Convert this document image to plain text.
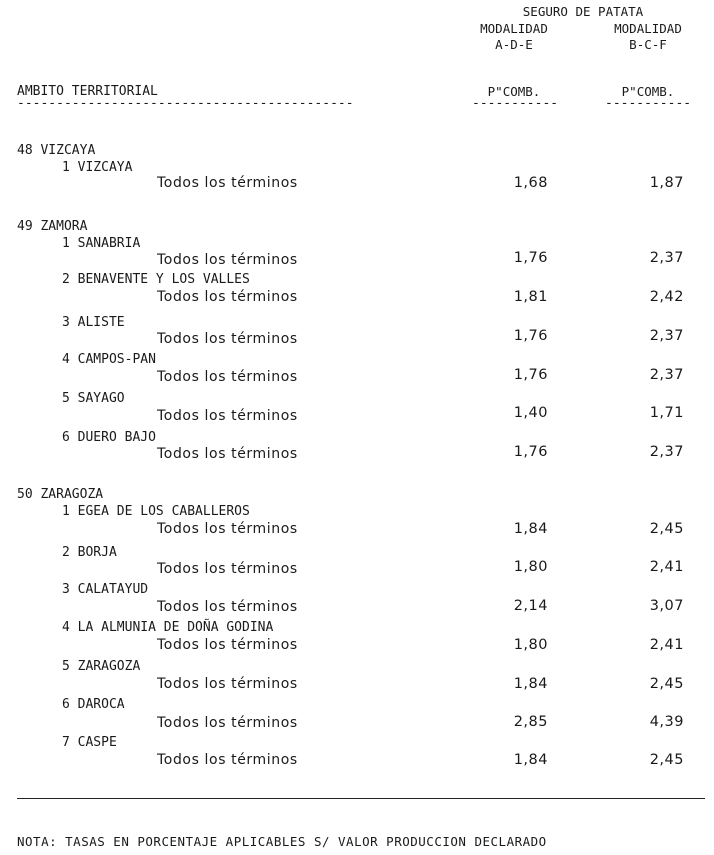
SEGURO DE PATATA
MODALIDAD	MODALIDAD
A-D-E	B-C-F
AMBITO TERRITORIAL	P"COMB.	P"COMB.
-------------------------------------------	-----------	-----------
48 VIZCAYA
1 VIZCAYA
Todos los términos	1,68	1,87
49 ZAMORA
1 SANABRIA
Todos los términos	1,76	2,37
2 BENAVENTE Y LOS VALLES
Todos los términos	1,81	2,42
3 ALISTE
Todos los términos	1,76	2,37
4 CAMPOS-PAN
Todos los términos	1,76	2,37
5 SAYAGO
Todos los términos	1,40	1,71
6 DUERO BAJO
Todos los términos	1,76	2,37
50 ZARAGOZA
1 EGEA DE LOS CABALLEROS
Todos los términos	1,84	2,45
2 BORJA
Todos los términos	1,80	2,41
3 CALATAYUD
Todos los términos	2,14	3,07
4 LA ALMUNIA DE DOÑA GODINA
Todos los términos	1,80	2,41
5 ZARAGOZA
Todos los términos	1,84	2,45
6 DAROCA
Todos los términos	2,85	4,39
7 CASPE
Todos los términos	1,84	2,45
NOTA: TASAS EN PORCENTAJE APLICABLES S/ VALOR PRODUCCION DECLARADO
